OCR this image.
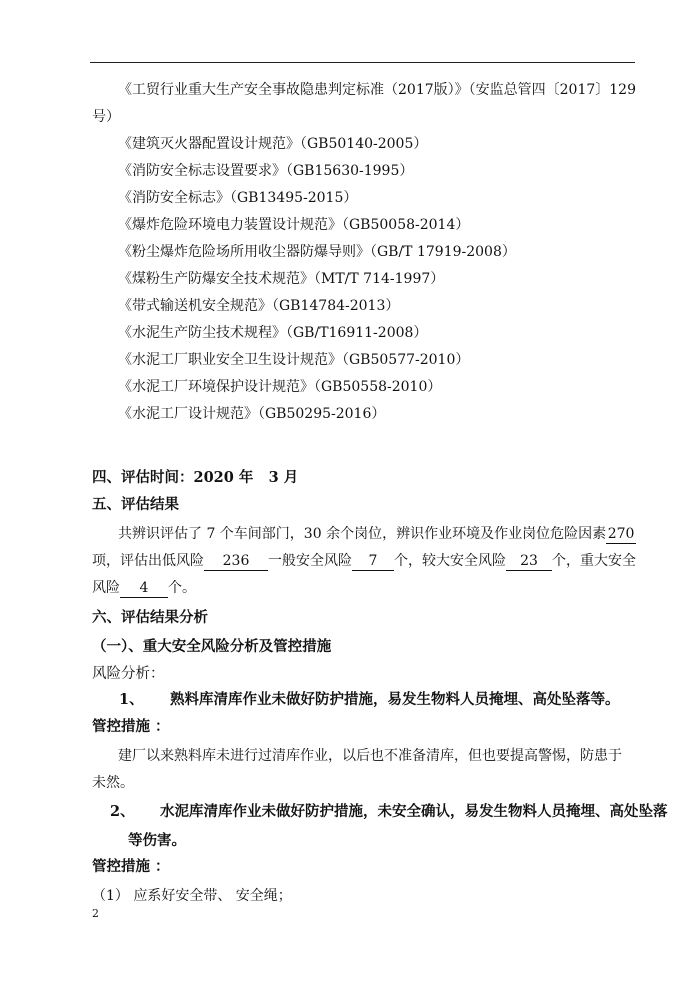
《工贸行业重大生产安全事故隐患判定标准（2017版）》（安监总管四〔2017〕129
号）
《建筑灭火器配置设计规范》（GB50140-2005）
《消防安全标志设置要求》（GB15630-1995）
《消防安全标志》（GB13495-2015）
《爆炸危险环境电力装置设计规范》（GB50058-2014）
《粉尘爆炸危险场所用收尘器防爆导则》（GB/T 17919-2008）
《煤粉生产防爆安全技术规范》（MT/T 714-1997）
《带式输送机安全规范》（GB14784-2013）
《水泥生产防尘技术规程》（GB/T16911-2008）
《水泥工厂职业安全卫生设计规范》（GB50577-2010）
《水泥工厂环境保护设计规范》（GB50558-2010）
《水泥工厂设计规范》（GB50295-2016）
四、评估时间：2020 年 3 月
五、评估结果
共辨识评估了 7 个车间部门，30 余个岗位，辨识作业环境及作业岗位危险因素 270
项，评估出低风险 236 一般安全风险 7 个，较大安全风险 23 个，重大安全
风险 4 个。
六、评估结果分析
（一）、重大安全风险分析及管控措施
风险分析：
1、 熟料库清库作业未做好防护措施，易发生物料人员掩埋、高处坠落等。
管控措施 ：
建厂以来熟料库未进行过清库作业，以后也不准备清库，但也要提高警惕，防患于
未然。
2、 水泥库清库作业未做好防护措施，未安全确认，易发生物料人员掩埋、高处坠落
等伤害。
管控措施 ：
（1） 应系好安全带、 安全绳；
2
